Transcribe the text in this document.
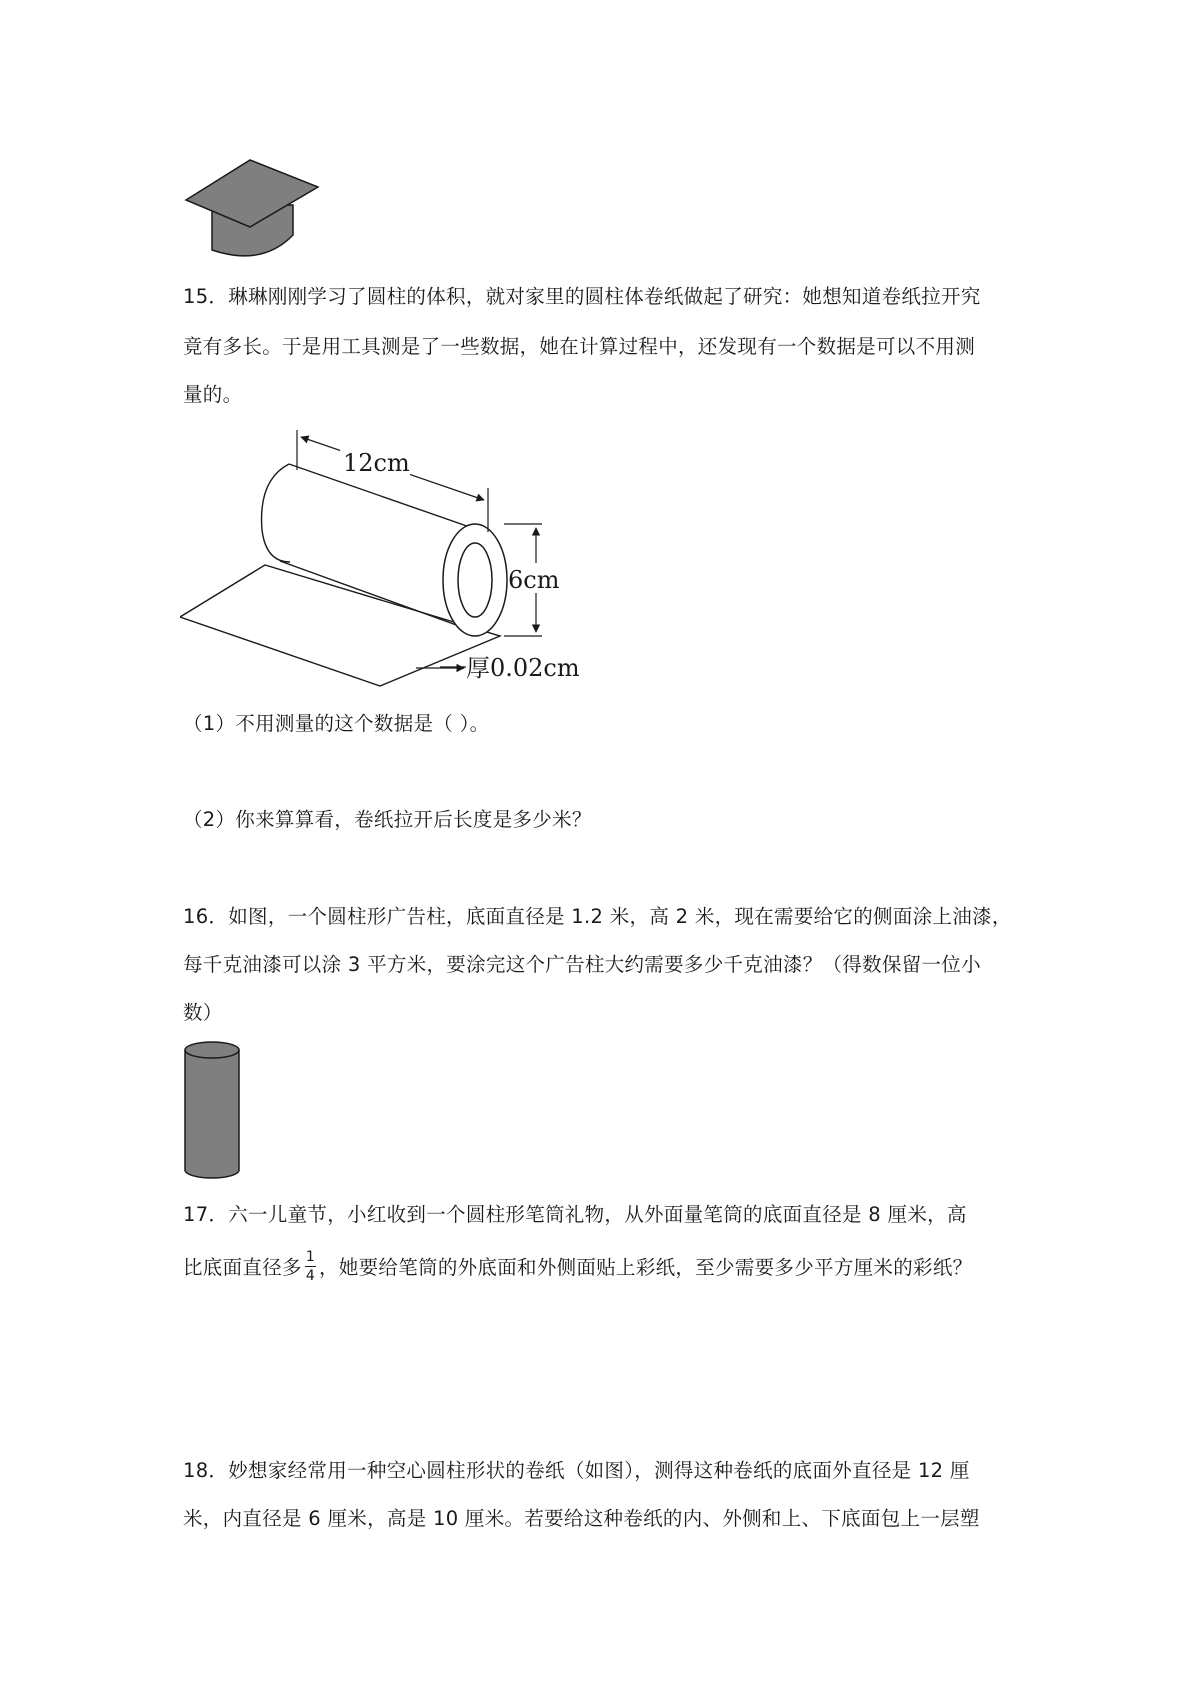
15．琳琳刚刚学习了圆柱的体积，就对家里的圆柱体卷纸做起了研究：她想知道卷纸拉开究
竟有多长。于是用工具测是了一些数据，她在计算过程中，还发现有一个数据是可以不用测
量的。
12cm
6cm
厚0.02cm
（1）不用测量的这个数据是（ ）。
（2）你来算算看，卷纸拉开后长度是多少米？
16．如图，一个圆柱形广告柱，底面直径是 1.2 米，高 2 米，现在需要给它的侧面涂上油漆，
每千克油漆可以涂 3 平方米，要涂完这个广告柱大约需要多少千克油漆？（得数保留一位小
数）
17．六一儿童节，小红收到一个圆柱形笔筒礼物，从外面量笔筒的底面直径是 8 厘米，高
比底面直径多 $\frac{1}{4}$ ，她要给笔筒的外底面和外侧面贴上彩纸，至少需要多少平方厘米的彩纸？
18．妙想家经常用一种空心圆柱形状的卷纸（如图），测得这种卷纸的底面外直径是 12 厘
米，内直径是 6 厘米，高是 10 厘米。若要给这种卷纸的内、外侧和上、下底面包上一层塑
